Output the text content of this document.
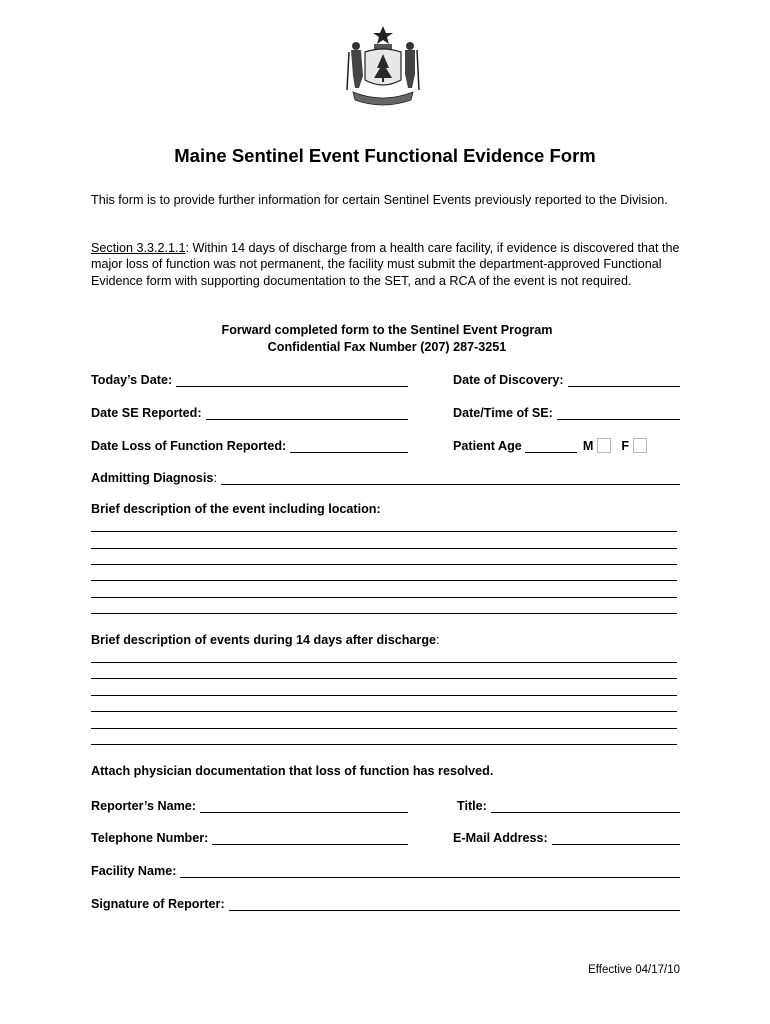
Maine Sentinel Event Functional Evidence Form
This form is to provide further information for certain Sentinel Events previously reported to the Division.
Section 3.3.2.1.1: Within 14 days of discharge from a health care facility, if evidence is discovered that the major loss of function was not permanent, the facility must submit the department-approved Functional Evidence form with supporting documentation to the SET, and a RCA of the event is not required.
Forward completed form to the Sentinel Event Program
Confidential Fax Number (207) 287-3251
Today’s Date:	Date of Discovery:
Date SE Reported:	Date/Time of SE:
Date Loss of Function Reported:	Patient Age	M F
Admitting Diagnosis :
Brief description of the event including location:
Brief description of events during 14 days after discharge:
Attach physician documentation that loss of function has resolved.
Reporter’s Name:	Title:
Telephone Number:	E-Mail Address:
Facility Name:
Signature of Reporter:
Effective 04/17/10
